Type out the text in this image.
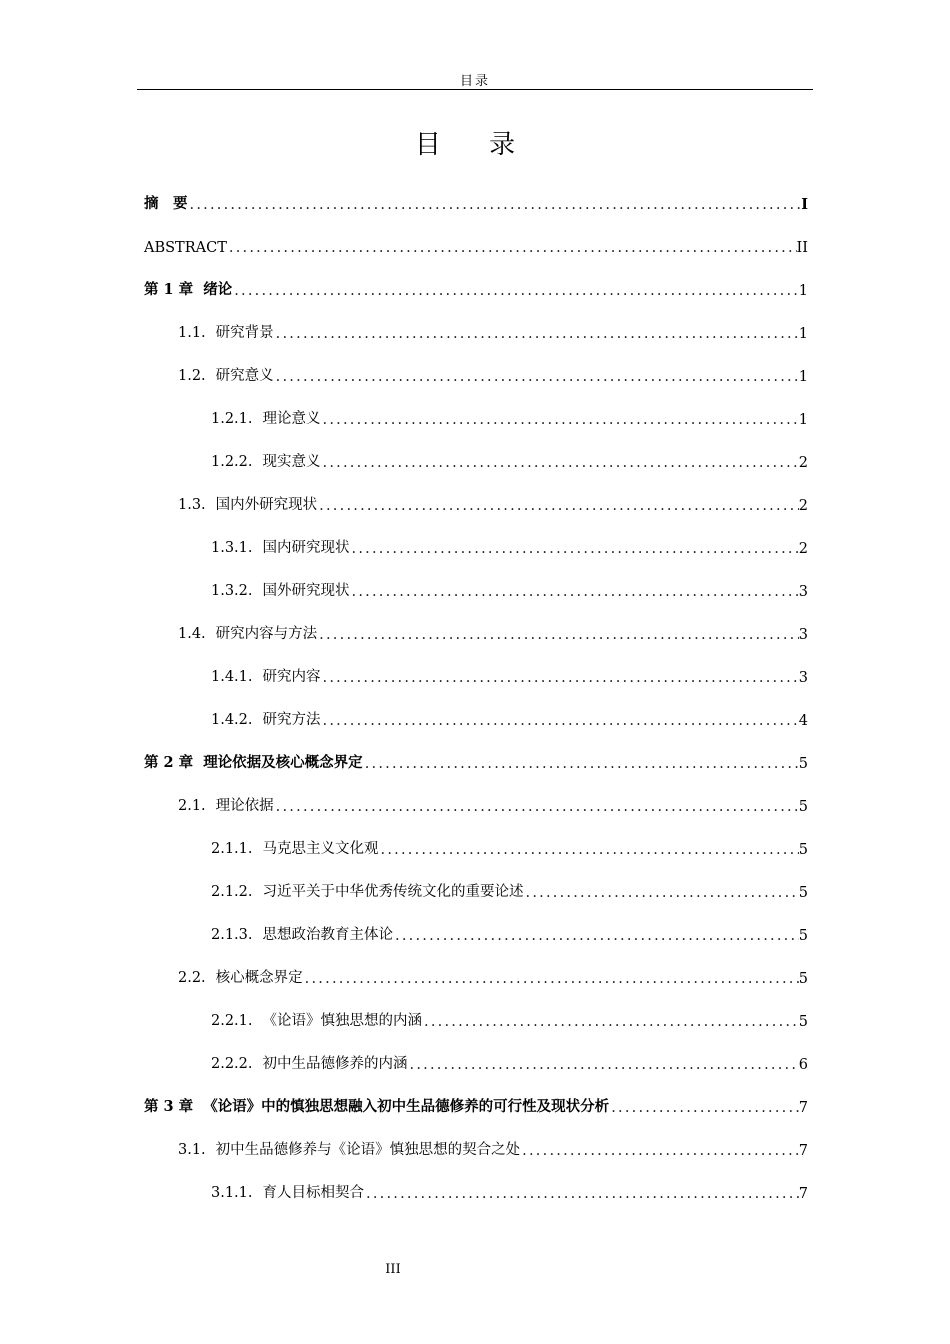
目录
目 录
摘　要 . . .	I
ABSTRACT . . .	II
第 1 章 绪论 . . .	1
1.1. 研究背景 . . .	1
1.2. 研究意义 . . .	1
1.2.1. 理论意义 . . .	1
1.2.2. 现实意义 . . .	2
1.3. 国内外研究现状 . . .	2
1.3.1. 国内研究现状 . . .	2
1.3.2. 国外研究现状 . . .	3
1.4. 研究内容与方法 . . .	3
1.4.1. 研究内容 . . .	3
1.4.2. 研究方法 . . .	4
第 2 章 理论依据及核心概念界定 . . .	5
2.1. 理论依据 . . .	5
2.1.1. 马克思主义文化观 . . .	5
2.1.2. 习近平关于中华优秀传统文化的重要论述 . . .	5
2.1.3. 思想政治教育主体论 . . .	5
2.2. 核心概念界定 . . .	5
2.2.1. 《论语》慎独思想的内涵 . . .	5
2.2.2. 初中生品德修养的内涵 . . .	6
第 3 章 《论语》中的慎独思想融入初中生品德修养的可行性及现状分析 . . .	7
3.1. 初中生品德修养与《论语》慎独思想的契合之处 . . .	7
3.1.1. 育人目标相契合 . . .	7
III
